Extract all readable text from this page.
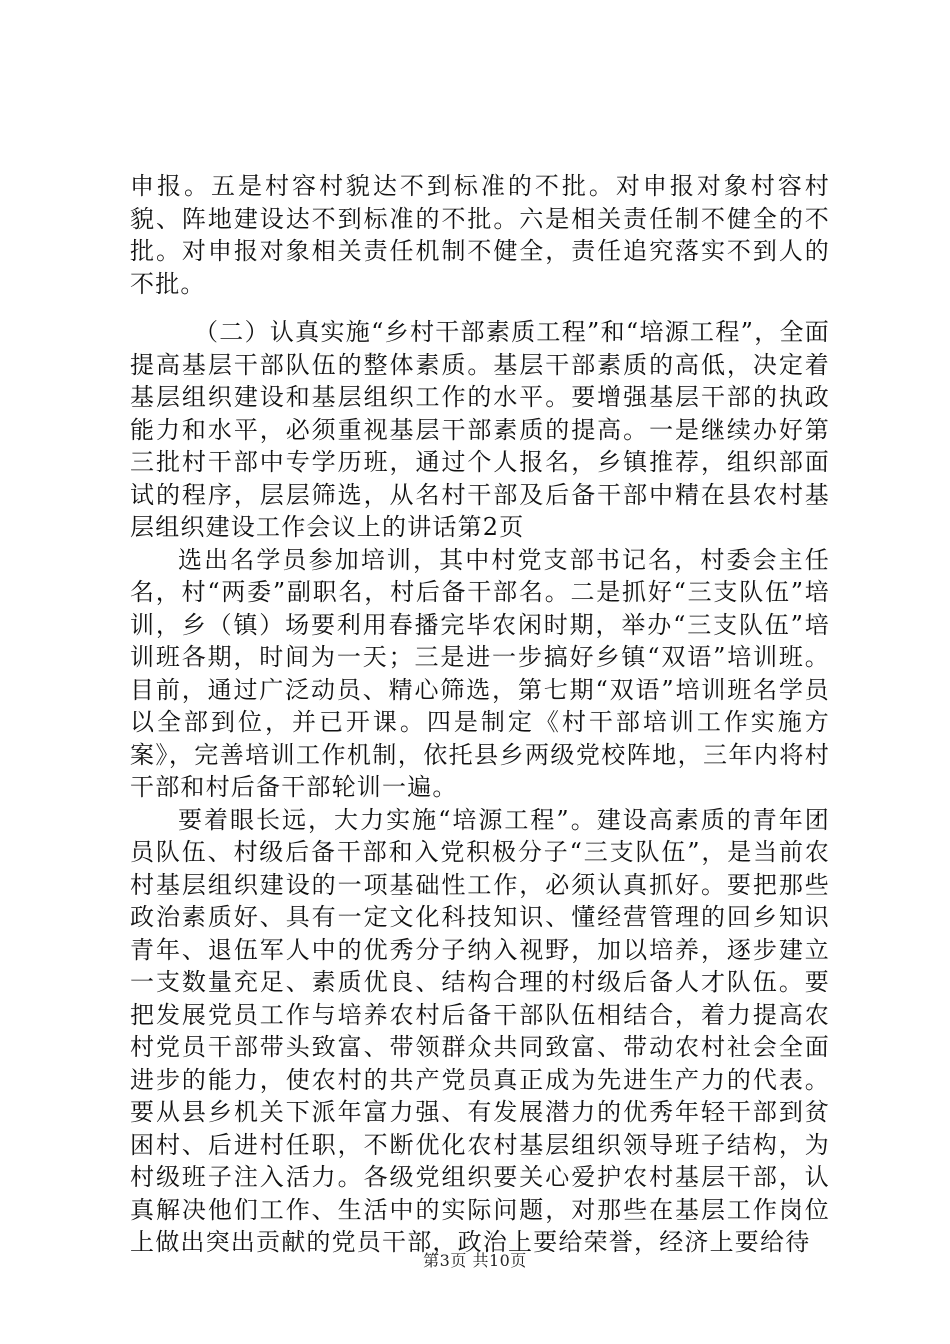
申报。五是村容村貌达不到标准的不批。对申报对象村容村貌、阵地建设达不到标准的不批。六是相关责任制不健全的不批。对申报对象相关责任机制不健全，责任追究落实不到人的不批。

（二）认真实施“乡村干部素质工程”和“培源工程”，全面提高基层干部队伍的整体素质。基层干部素质的高低，决定着基层组织建设和基层组织工作的水平。要增强基层干部的执政能力和水平，必须重视基层干部素质的提高。一是继续办好第三批村干部中专学历班，通过个人报名，乡镇推荐，组织部面试的程序，层层筛选，从名村干部及后备干部中精在县农村基层组织建设工作会议上的讲话第2页

选出名学员参加培训，其中村党支部书记名，村委会主任名，村“两委”副职名，村后备干部名。二是抓好“三支队伍”培训，乡（镇）场要利用春播完毕农闲时期，举办“三支队伍”培训班各期，时间为一天；三是进一步搞好乡镇“双语”培训班。目前，通过广泛动员、精心筛选，第七期“双语”培训班名学员以全部到位，并已开课。四是制定《村干部培训工作实施方案》，完善培训工作机制，依托县乡两级党校阵地，三年内将村干部和村后备干部轮训一遍。

要着眼长远，大力实施“培源工程”。建设高素质的青年团员队伍、村级后备干部和入党积极分子“三支队伍”，是当前农村基层组织建设的一项基础性工作，必须认真抓好。要把那些政治素质好、具有一定文化科技知识、懂经营管理的回乡知识青年、退伍军人中的优秀分子纳入视野，加以培养，逐步建立一支数量充足、素质优良、结构合理的村级后备人才队伍。要把发展党员工作与培养农村后备干部队伍相结合，着力提高农村党员干部带头致富、带领群众共同致富、带动农村社会全面进步的能力，使农村的共产党员真正成为先进生产力的代表。要从县乡机关下派年富力强、有发展潜力的优秀年轻干部到贫困村、后进村任职，不断优化农村基层组织领导班子结构，为村级班子注入活力。各级党组织要关心爱护农村基层干部，认真解决他们工作、生活中的实际问题，对那些在基层工作岗位上做出突出贡献的党员干部，政治上要给荣誉，经济上要给待

第3页 共10页
